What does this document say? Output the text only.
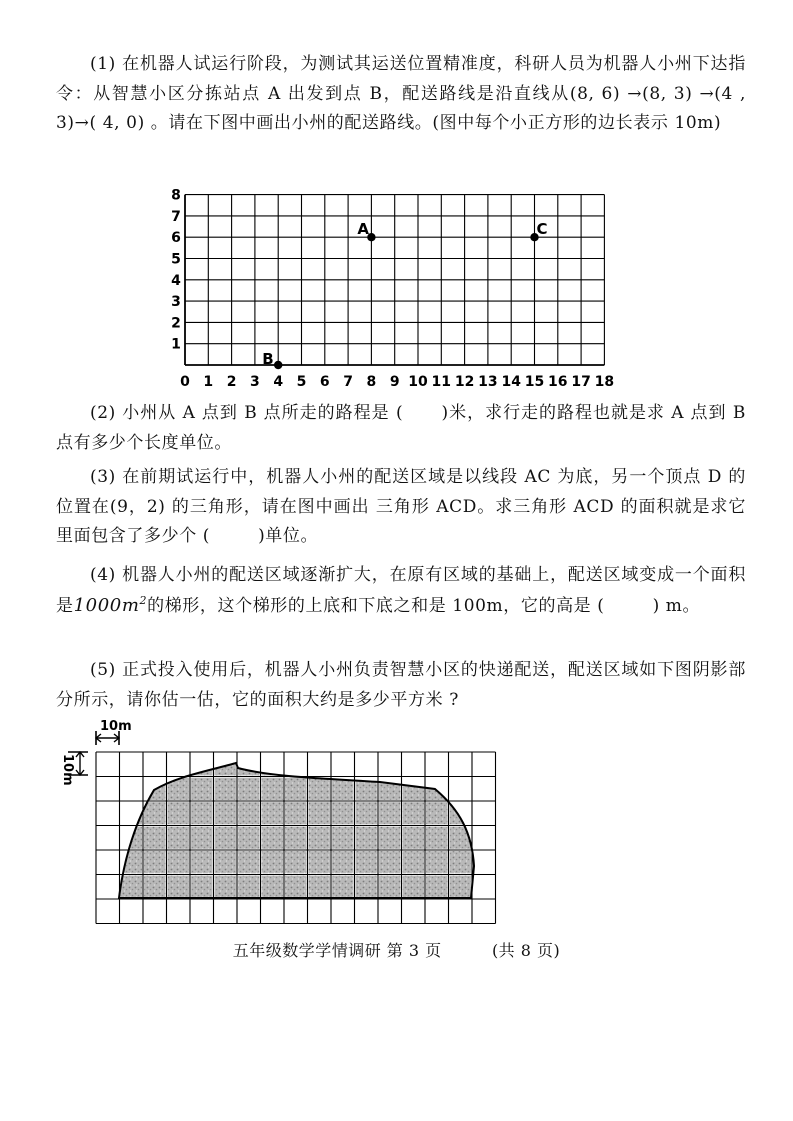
(1) 在机器人试运行阶段，为测试其运送位置精准度，科研人员为机器人小州下达指令：从智慧小区分拣站点 A 出发到点 B，配送路线是沿直线从(8, 6) →(8, 3) →(4 , 3)→( 4, 0) 。请在下图中画出小州的配送路线。(图中每个小正方形的边长表示 10m)

0 1 2 3 4 5 6 7 8 9 10 11 12 13 14 15 16 17 18
1
2
3
4
5
6
7
8
A
B
C

(2) 小州从 A 点到 B 点所走的路程是 ( )米，求行走的路程也就是求 A 点到 B 点有多少个长度单位。

(3) 在前期试运行中，机器人小州的配送区域是以线段 AC 为底，另一个顶点 D 的位置在(9，2) 的三角形，请在图中画出 三角形 ACD。求三角形 ACD 的面积就是求它里面包含了多少个 (	)单位。

(4) 机器人小州的配送区域逐渐扩大，在原有区域的基础上，配送区域变成一个面积是$1000m^2$的梯形，这个梯形的上底和下底之和是 100m，它的高是 (	) m。

(5) 正式投入使用后，机器人小州负责智慧小区的快递配送，配送区域如下图阴影部分所示，请你估一估，它的面积大约是多少平方米 ?

10m
10m
五年级数学学情调研 第 3 页	(共 8 页)
